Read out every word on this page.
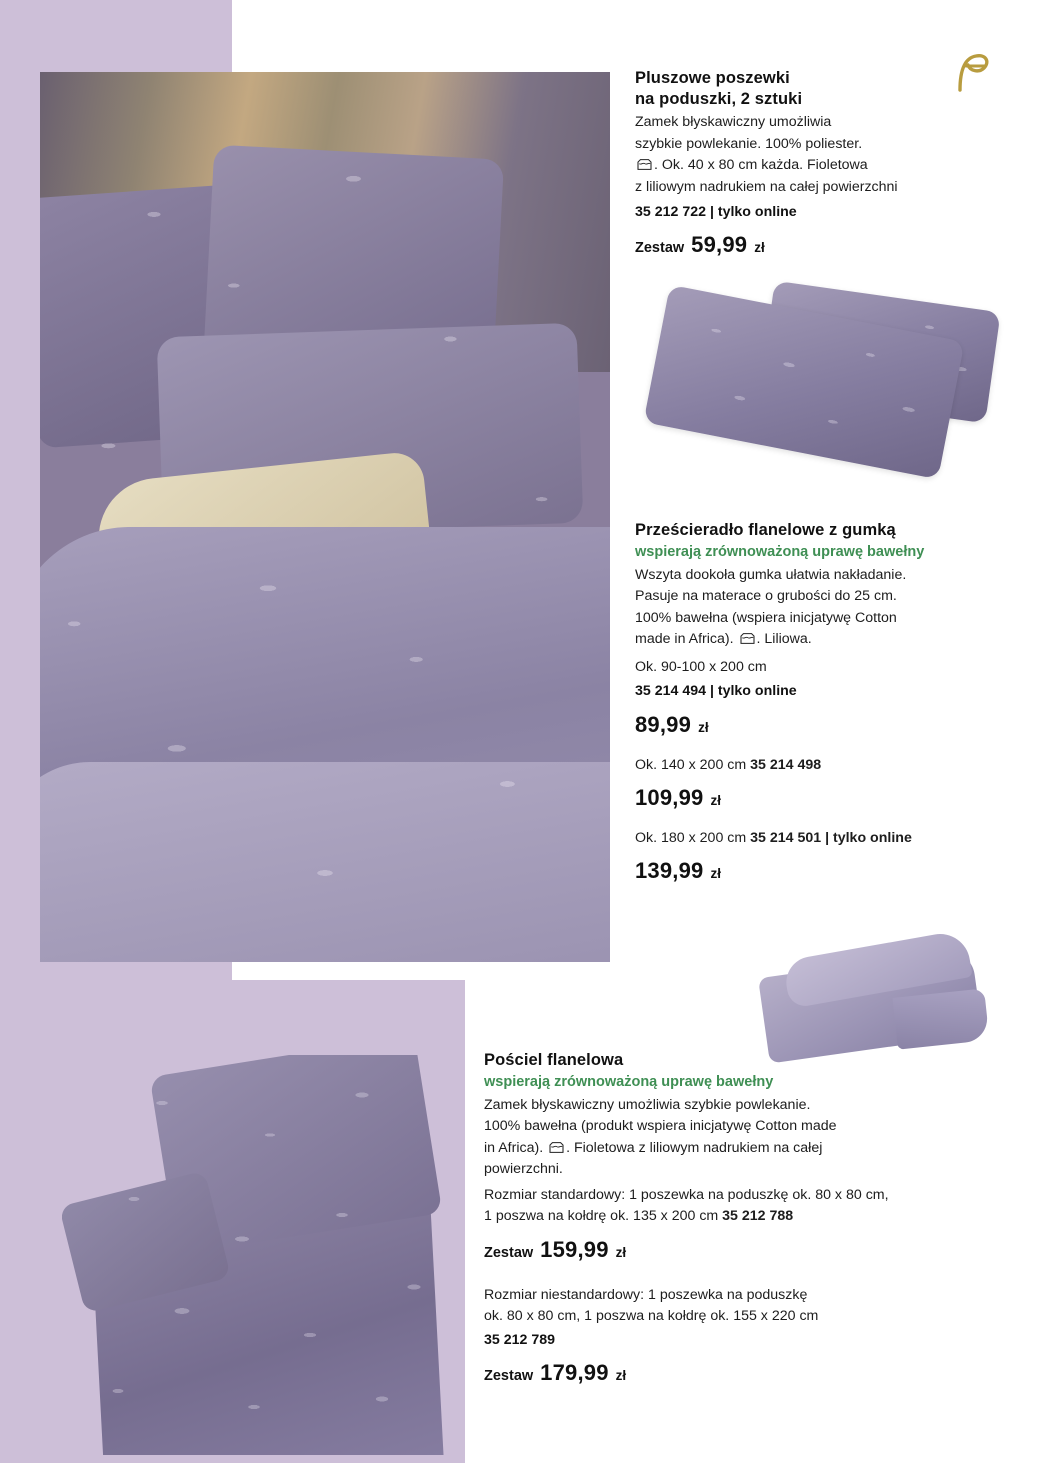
Pluszowe poszewki
na poduszki, 2 sztuki

Zamek błyskawiczny umożliwia
szybkie powlekanie. 100% poliester.
. Ok. 40 x 80 cm każda. Fioletowa
z liliowym nadrukiem na całej powierzchni

35 212 722 | tylko online
Zestaw 59,99 zł
Prześcieradło flanelowe z gumką
wspierają zrównoważoną uprawę bawełny

Wszyta dookoła gumka ułatwia nakładanie.
Pasuje na materace o grubości do 25 cm.
100% bawełna (wspiera inicjatywę Cotton
made in Africa). . Liliowa.

Ok. 90-100 x 200 cm
35 214 494 | tylko online
89,99 zł
Ok. 140 x 200 cm 35 214 498
109,99 zł
Ok. 180 x 200 cm 35 214 501 | tylko online
139,99 zł
Pościel flanelowa
wspierają zrównoważoną uprawę bawełny

Zamek błyskawiczny umożliwia szybkie powlekanie.
100% bawełna (produkt wspiera inicjatywę Cotton made
in Africa). . Fioletowa z liliowym nadrukiem na całej
powierzchni.

Rozmiar standardowy: 1 poszewka na poduszkę ok. 80 x 80 cm,
1 poszwa na kołdrę ok. 135 x 200 cm 35 212 788
Zestaw 159,99 zł
Rozmiar niestandardowy: 1 poszewka na poduszkę
ok. 80 x 80 cm, 1 poszwa na kołdrę ok. 155 x 220 cm
35 212 789
Zestaw 179,99 zł
